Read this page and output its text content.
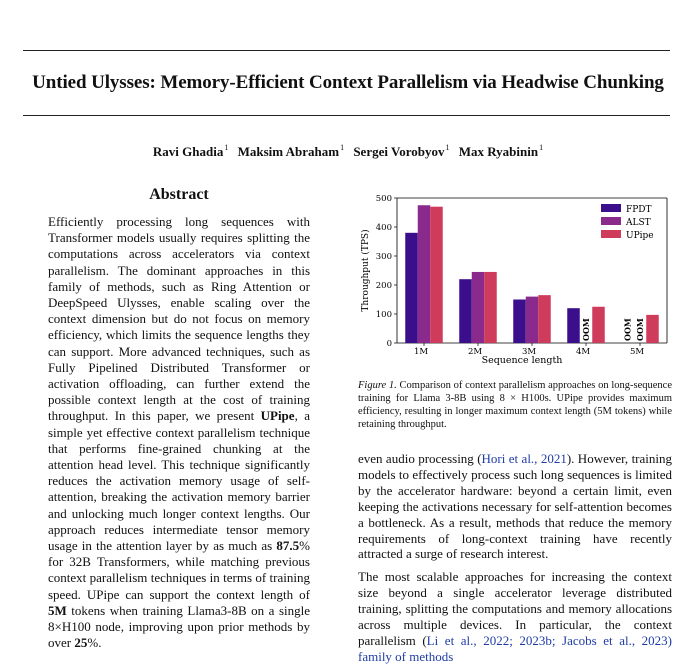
Untied Ulysses: Memory-Efficient Context Parallelism via Headwise Chunking
Ravi Ghadia$^1$ Maksim Abraham$^1$ Sergei Vorobyov$^1$ Max Ryabinin$^1$
Abstract
Efficiently processing long sequences with Transformer models usually requires splitting the computations across accelerators via context parallelism. The dominant approaches in this family of methods, such as Ring Attention or DeepSpeed Ulysses, enable scaling over the context dimension but do not focus on memory efficiency, which limits the sequence lengths they can support. More advanced techniques, such as Fully Pipelined Distributed Transformer or activation offloading, can further extend the possible context length at the cost of training throughput. In this paper, we present UPipe, a simple yet effective context parallelism technique that performs fine-grained chunking at the attention head level. This technique significantly reduces the activation memory usage of self-attention, breaking the activation memory barrier and unlocking much longer context lengths. Our approach reduces intermediate tensor memory usage in the attention layer by as much as 87.5% for 32B Transformers, while matching previous context parallelism techniques in terms of training speed. UPipe can support the context length of 5M tokens when training Llama3-8B on a single 8×H100 node, improving upon prior methods by over 25%.
0
100
200
300
400
500
Throughput (TPS)
1M	2M	3M
OOM
4M
OOM OOM
5M
Sequence length
FPDT
ALST
UPipe
Figure 1. Comparison of context parallelism approaches on long-sequence training for Llama 3-8B using 8 × H100s. UPipe provides maximum efficiency, resulting in longer maximum context length (5M tokens) while retaining throughput.

even audio processing (Hori et al., 2021). However, training models to effectively process such long sequences is limited by the accelerator hardware: beyond a certain limit, even keeping the activations necessary for self-attention becomes a bottleneck. As a result, methods that reduce the memory requirements of long-context training have recently attracted a surge of research interest.

The most scalable approaches for increasing the context size beyond a single accelerator leverage distributed training, splitting the computations and memory allocations across multiple devices. In particular, the context parallelism (Li et al., 2022; 2023b; Jacobs et al., 2023) family of methods
